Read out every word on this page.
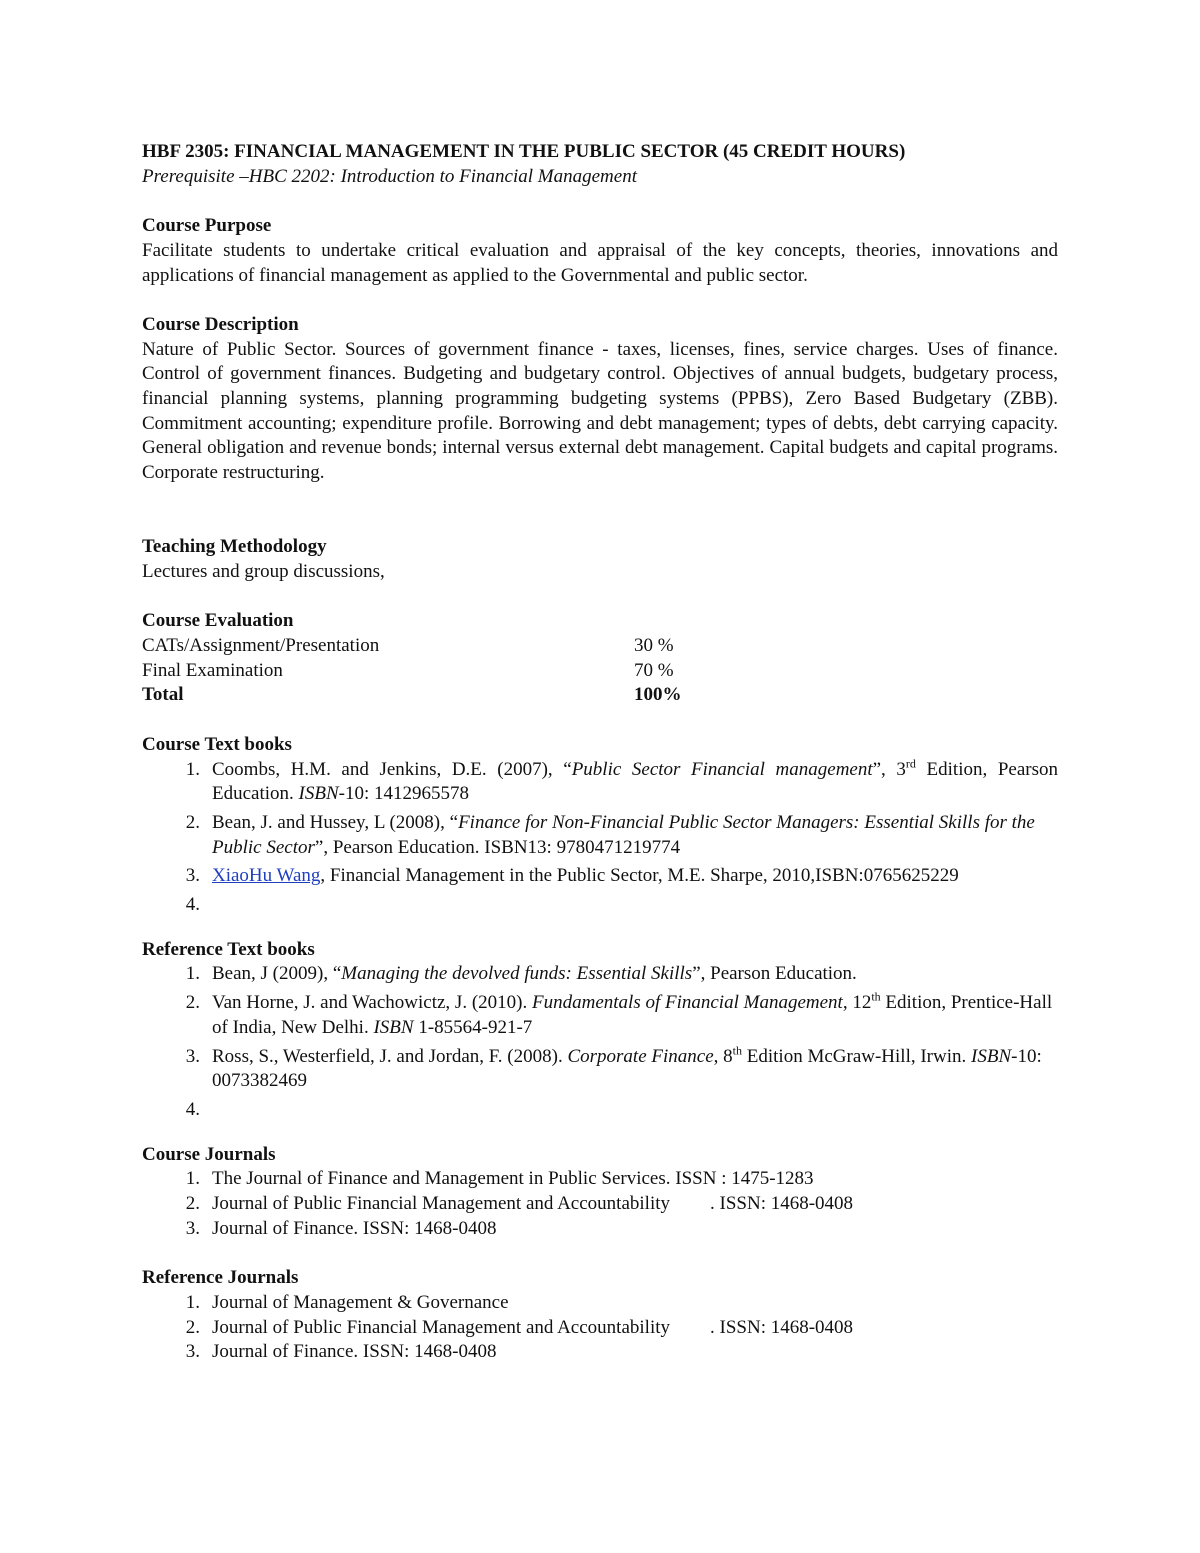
HBF 2305: FINANCIAL MANAGEMENT IN THE PUBLIC SECTOR (45 CREDIT HOURS)

Prerequisite –HBC 2202: Introduction to Financial Management

Course Purpose

Facilitate students to undertake critical evaluation and appraisal of the key concepts, theories, innovations and applications of financial management as applied to the Governmental and public sector.

Course Description

Nature of Public Sector. Sources of government finance - taxes, licenses, fines, service charges. Uses of finance. Control of government finances. Budgeting and budgetary control. Objectives of annual budgets, budgetary process, financial planning systems, planning programming budgeting systems (PPBS), Zero Based Budgetary (ZBB). Commitment accounting; expenditure profile. Borrowing and debt management; types of debts, debt carrying capacity. General obligation and revenue bonds; internal versus external debt management. Capital budgets and capital programs. Corporate restructuring.

Teaching Methodology

Lectures and group discussions,

Course Evaluation

CATs/Assignment/Presentation	30 %
Final Examination	70 %
Total	100%

Course Text books

1. Coombs, H.M. and Jenkins, D.E. (2007), “Public Sector Financial management”, 3rd Edition, Pearson Education. ISBN-10: 1412965578
2. Bean, J. and Hussey, L (2008), “Finance for Non-Financial Public Sector Managers: Essential Skills for the Public Sector”, Pearson Education. ISBN13: 9780471219774
3. XiaoHu Wang, Financial Management in the Public Sector, M.E. Sharpe, 2010,ISBN:0765625229
4.

Reference Text books

1. Bean, J (2009), “Managing the devolved funds: Essential Skills”, Pearson Education.
2. Van Horne, J. and Wachowictz, J. (2010). Fundamentals of Financial Management, 12th Edition, Prentice-Hall of India, New Delhi. ISBN 1-85564-921-7
3. Ross, S., Westerfield, J. and Jordan, F. (2008). Corporate Finance, 8th Edition McGraw-Hill, Irwin. ISBN-10: 0073382469
4.

Course Journals

1. The Journal of Finance and Management in Public Services. ISSN : 1475-1283
2. Journal of Public Financial Management and Accountability . ISSN: 1468-0408
3. Journal of Finance. ISSN: 1468-0408

Reference Journals

1. Journal of Management & Governance
2. Journal of Public Financial Management and Accountability . ISSN: 1468-0408
3. Journal of Finance. ISSN: 1468-0408
